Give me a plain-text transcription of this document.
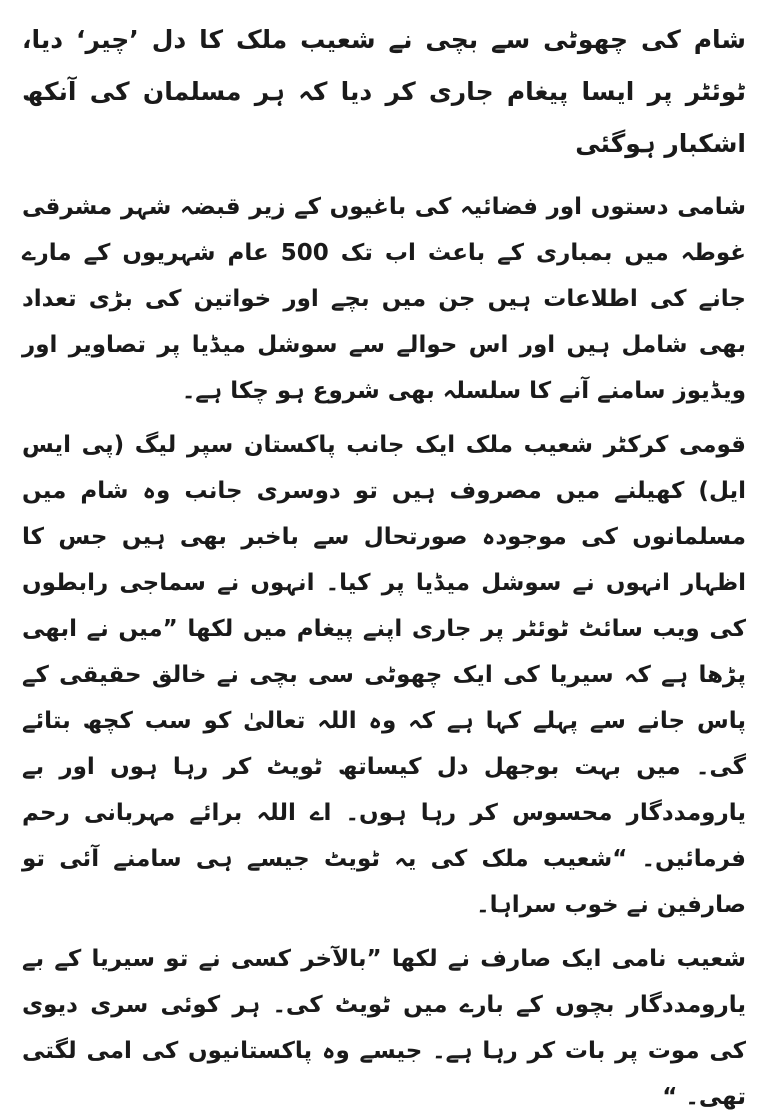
شام کی چھوٹی سے بچی نے شعیب ملک کا دل ’چیر‘ دیا، ٹوئٹر پر ایسا پیغام جاری کر دیا کہ ہر مسلمان کی آنکھ اشکبار ہوگئی

شامی دستوں اور فضائیہ کی باغیوں کے زیر قبضہ شہر مشرقی غوطہ میں بمباری کے باعث اب تک 500 عام شہریوں کے مارے جانے کی اطلاعات ہیں جن میں بچے اور خواتین کی بڑی تعداد بھی شامل ہیں اور اس حوالے سے سوشل میڈیا پر تصاویر اور ویڈیوز سامنے آنے کا سلسلہ بھی شروع ہو چکا ہے۔

قومی کرکٹر شعیب ملک ایک جانب پاکستان سپر لیگ (پی ایس ایل) کھیلنے میں مصروف ہیں تو دوسری جانب وہ شام میں مسلمانوں کی موجودہ صورتحال سے باخبر بھی ہیں جس کا اظہار انہوں نے سوشل میڈیا پر کیا۔ انہوں نے سماجی رابطوں کی ویب سائٹ ٹوئٹر پر جاری اپنے پیغام میں لکھا ”میں نے ابھی پڑھا ہے کہ سیریا کی ایک چھوٹی سی بچی نے خالق حقیقی کے پاس جانے سے پہلے کہا ہے کہ وہ اللہ تعالیٰ کو سب کچھ بتائے گی۔ میں بہت بوجھل دل کیساتھ ٹویٹ کر رہا ہوں اور بے یارومددگار محسوس کر رہا ہوں۔ اے اللہ برائے مہربانی رحم فرمائیں۔ “شعیب ملک کی یہ ٹویٹ جیسے ہی سامنے آئی تو صارفین نے خوب سراہا۔

شعیب نامی ایک صارف نے لکھا ”بالآخر کسی نے تو سیریا کے بے یارومددگار بچوں کے بارے میں ٹویٹ کی۔ ہر کوئی سری دیوی کی موت پر بات کر رہا ہے۔ جیسے وہ پاکستانیوں کی امی لگتی تھی۔ “
